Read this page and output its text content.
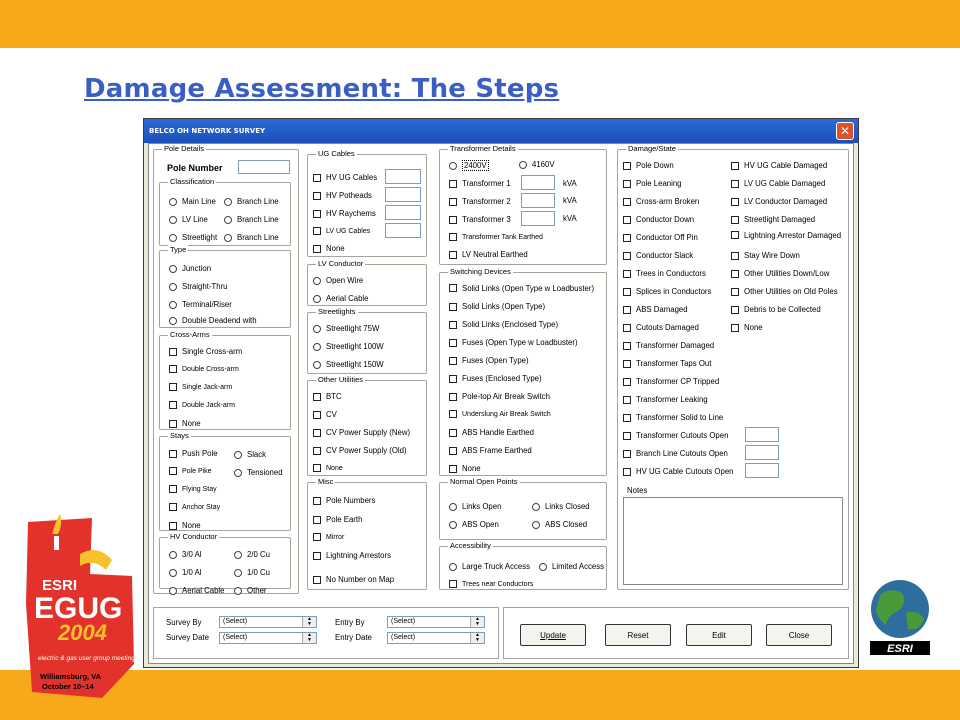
Damage Assessment: The Steps
ESRI
EGUG
2004
electric & gas user group meeting
Williamsburg, VA
October 10–14
ESRI
BELCO OH NETWORK SURVEY	✕
Pole Details
Pole Number
Classification
Main Line	Branch Line
LV Line	Branch Line
Streetlight	Branch Line
Type
Junction
Straight-Thru
Terminal/Riser
Double Deadend with
Cross-Arms
Single Cross-arm
Double Cross-arm
Single Jack-arm
Double Jack-arm
None
Stays
Push Pole	Slack
Pole Pike	Tensioned
Flying Stay
Anchor Stay
None
HV Conductor
3/0 Al	2/0 Cu
1/0 Al	1/0 Cu
Aerial Cable	Other
UG Cables
HV UG Cables
HV Potheads
HV Raychems
LV UG Cables
None
LV Conductor
Open Wire
Aerial Cable
Streetlights
Streetlight 75W
Streetlight 100W
Streetlight 150W
Other Utilities
BTC
CV
CV Power Supply (New)
CV Power Supply (Old)
None
Misc
Pole Numbers
Pole Earth
Mirror
Lightning Arrestors
No Number on Map
Transformer Details
2400V	4160V
Transformer 1	kVA
Transformer 2	kVA
Transformer 3	kVA
Transformer Tank Earthed
LV Neutral Earthed
Switching Devices
Solid Links (Open Type w Loadbuster)
Solid Links (Open Type)
Solid Links (Enclosed Type)
Fuses (Open Type w Loadbuster)
Fuses (Open Type)
Fuses (Enclosed Type)
Pole-top Air Break Switch
Underslung Air Break Switch
ABS Handle Earthed
ABS Frame Earthed
None
Normal Open Points
Links Open	Links Closed
ABS Open	ABS Closed
Accessibility
Large Truck Access	Limited Access
Trees near Conductors
Damage/State
Pole Down
Pole Leaning
Cross-arm Broken
Conductor Down
Conductor Off Pin
Conductor Slack
Trees in Conductors
Splices in Conductors
ABS Damaged
Cutouts Damaged
Transformer Damaged
Transformer Taps Out
Transformer CP Tripped
Transformer Leaking
Transformer Solid to Line
Transformer Cutouts Open
Branch Line Cutouts Open
HV UG Cable Cutouts Open
HV UG Cable Damaged
LV UG Cable Damaged
LV Conductor Damaged
Streetlight Damaged
Lightning Arrestor Damaged
Stay Wire Down
Other Utilities Down/Low
Other Utilities on Old Poles
Debris to be Collected
None
Notes
Survey By	(Select)	▲
▼
Survey Date	(Select)	▲
▼
Entry By	(Select)	▲
▼
Entry Date	(Select)	▲
▼
Update	Reset	Edit	Close
